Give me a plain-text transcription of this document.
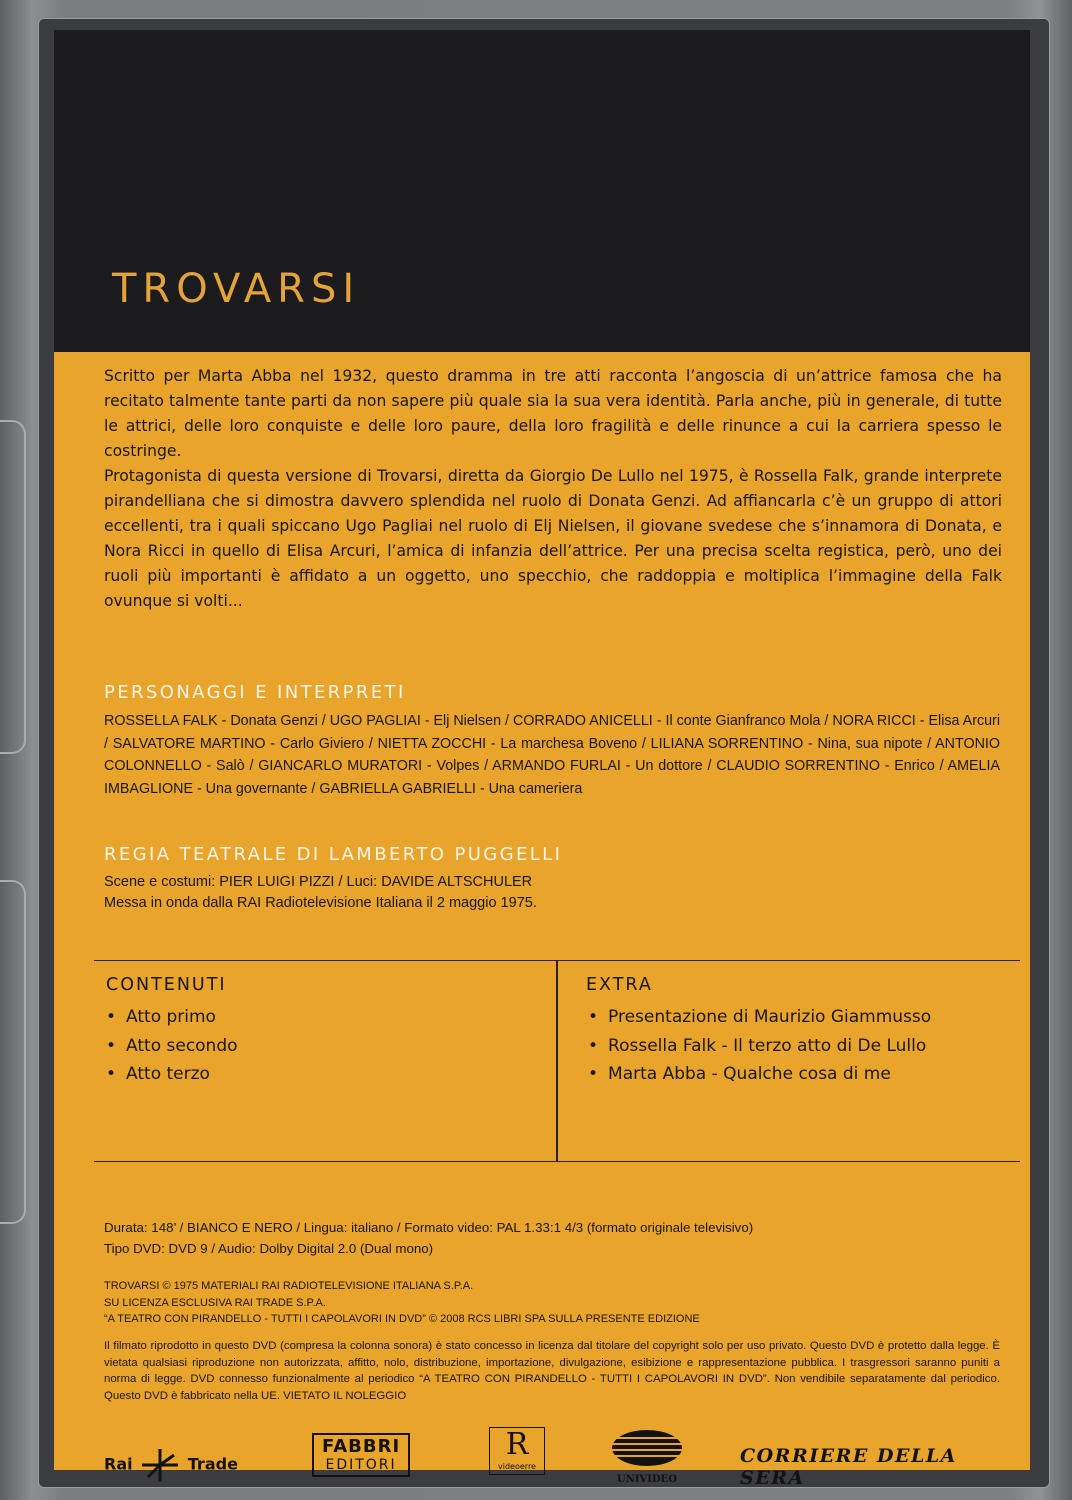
TROVARSI

Scritto per Marta Abba nel 1932, questo dramma in tre atti racconta l’angoscia di un’attrice famosa che ha recitato talmente tante parti da non sapere più quale sia la sua vera identità. Parla anche, più in generale, di tutte le attrici, delle loro conquiste e delle loro paure, della loro fragilità e delle rinunce a cui la carriera spesso le costringe.

Protagonista di questa versione di Trovarsi, diretta da Giorgio De Lullo nel 1975, è Rossella Falk, grande interprete pirandelliana che si dimostra davvero splendida nel ruolo di Donata Genzi. Ad affiancarla c’è un gruppo di attori eccellenti, tra i quali spiccano Ugo Pagliai nel ruolo di Elj Nielsen, il giovane svedese che s’innamora di Donata, e Nora Ricci in quello di Elisa Arcuri, l’amica di infanzia dell’attrice. Per una precisa scelta registica, però, uno dei ruoli più importanti è affidato a un oggetto, uno specchio, che raddoppia e moltiplica l’immagine della Falk ovunque si volti...

PERSONAGGI E INTERPRETI
ROSSELLA FALK - Donata Genzi / UGO PAGLIAI - Elj Nielsen / CORRADO ANICELLI - Il conte Gianfranco Mola / NORA RICCI - Elisa Arcuri / SALVATORE MARTINO - Carlo Giviero / NIETTA ZOCCHI - La marchesa Boveno / LILIANA SORRENTINO - Nina, sua nipote / ANTONIO COLONNELLO - Salò / GIANCARLO MURATORI - Volpes / ARMANDO FURLAI - Un dottore / CLAUDIO SORRENTINO - Enrico / AMELIA IMBAGLIONE - Una governante / GABRIELLA GABRIELLI - Una cameriera
REGIA TEATRALE DI LAMBERTO PUGGELLI
Scene e costumi: PIER LUIGI PIZZI / Luci: DAVIDE ALTSCHULER
Messa in onda dalla RAI Radiotelevisione Italiana il 2 maggio 1975.
CONTENUTI
• Atto primo
• Atto secondo
• Atto terzo
EXTRA
• Presentazione di Maurizio Giammusso
• Rossella Falk - Il terzo atto di De Lullo
• Marta Abba - Qualche cosa di me
Durata: 148’ / BIANCO E NERO / Lingua: italiano / Formato video: PAL 1.33:1 4/3 (formato originale televisivo)
Tipo DVD: DVD 9 / Audio: Dolby Digital 2.0 (Dual mono)
TROVARSI © 1975 MATERIALI RAI RADIOTELEVISIONE ITALIANA S.P.A.
SU LICENZA ESCLUSIVA RAI TRADE S.P.A.
“A TEATRO CON PIRANDELLO - TUTTI I CAPOLAVORI IN DVD” © 2008 RCS LIBRI SPA SULLA PRESENTE EDIZIONE
Il filmato riprodotto in questo DVD (compresa la colonna sonora) è stato concesso in licenza dal titolare del copyright solo per uso privato. Questo DVD è protetto dalla legge. È vietata qualsiasi riproduzione non autorizzata, affitto, nolo, distribuzione, importazione, divulgazione, esibizione e rappresentazione pubblica. I trasgressori saranno puniti a norma di legge. DVD connesso funzionalmente al periodico “A TEATRO CON PIRANDELLO - TUTTI I CAPOLAVORI IN DVD”. Non vendibile separatamente dal periodico. Questo DVD è fabbricato nella UE. VIETATO IL NOLEGGIO
Rai	Trade
FABBRI
EDITORI
R
videoerre
UNIVIDEO
CORRIERE DELLA SERA
